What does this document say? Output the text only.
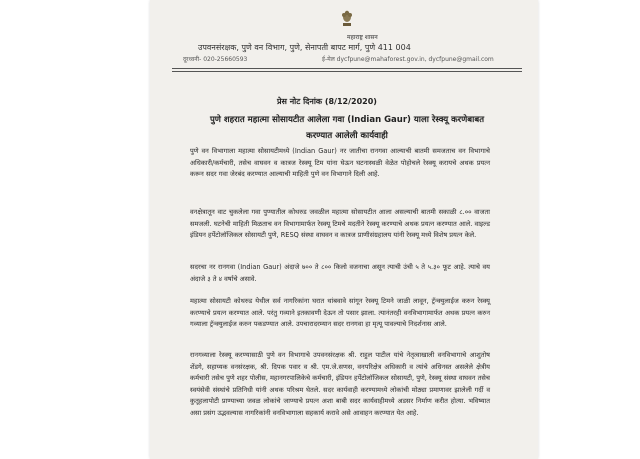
महाराष्ट्र शासन
उपवनसंरक्षक, पुणे वन विभाग, पुणे, सेनापती बापट मार्ग, पुणे 411 004
दूरध्वनी- 020-25660593	ई-मेल dycfpune@mahaforest.gov.in, dycfpune@gmail.com
प्रेस नोट दिनांक (8/12/2020)
पुणे शहरात महात्मा सोसायटीत आलेला गवा (Indian Gaur) याला रेस्क्यू करणेबाबत
करण्यात आलेली कार्यवाही

पुणे वन विभागाला महात्मा सोसायटीमध्ये (Indian Gaur) नर जातीचा रानगवा आल्याची बातमी समजताच वन विभागाचे अधिकारी/कर्मचारी, तसेच वाघवन व कात्रज रेस्क्यू टिम यांना घेऊन घटनास्थळी वेळेत पोहोचले रेस्क्यू करायचे अथक प्रयत्न करून सदर गवा जेरबंद करण्यात आल्याची माहिती पुणे वन विभागाने दिली आहे.

वनक्षेत्रातून वाट चुकलेला गवा पुण्यातील कोथरुड जवळील महात्मा सोसायटीत आला असल्याची बातमी सकाळी ८.०० वाजता समजली. घटनेची माहिती मिळताच वन विभागामार्फत रेस्क्यू टिमचे मदतीने रेस्क्यू करण्याचे अथक प्रयत्न करण्यात आले. वाइल्ड इंडियन हर्पेटोलॉजिकल सोसायटी पुणे, RESQ संस्था वाघवन व कात्रज प्राणीसंग्रहालय यांनी रेस्क्यू मध्ये विशेष प्रयत्न केले.

सदरचा नर रानगवा (Indian Gaur) अंदाजे ७०० ते ८०० किलो वजनाचा असून त्याची उंची ५ ते ५.३० फूट आहे. त्याचे वय अंदाजे ३ ते ४ वर्षाचे असावे.

महात्मा सोसायटी कोथरुड येथील सर्व नागरिकांना घरात थांबवावे सांगून रेस्क्यू टिमने जाळी लावून, ट्रॅन्क्युलाईज करुन रेस्क्यू करण्याचे प्रयत्न करण्यात आले. परंतु गव्याने इतकावणी देऊन तो पसार झाला. त्यानंतरही वनविभागामार्फत अथक प्रयत्न करुन गव्याला ट्रॅन्क्युलाईज करुन पकडण्यात आले. उपचारादरम्यान सदर रानगवा हा मृत्यू पावल्याचे निदर्शनास आले.

रानगव्याला रेस्क्यू करण्यासाठी पुणे वन विभागाचे उपवनसंरक्षक श्री. राहुल पाटील यांचे नेतृत्वाखाली वनविभागाचे आशुतोष शेंडगे, सहाय्यक वनसंरक्षक, श्री. दिपक पवार व श्री. एम.जे.सणस, वनपरिक्षेत्र अधिकारी व त्यांचे अधिनस्त असलेले क्षेत्रीय कर्मचारी तसेच पुणे शहर पोलीस, महानगरपालिकेचे कर्मचारी, इंडियन हर्पेटोलॉजिकल सोसायटी, पुणे, रेस्क्यू संस्था वाघवन तसेच स्वयंसेवी संस्थांचे प्रतिनिधी यांनी अथक परिश्रम घेतले. सदर कार्यवाही करण्यामध्ये लोकांची मोठ्या प्रमाणावर झालेली गर्दी व कुतूहलापोटी प्राण्याच्या जवळ लोकांचे जाण्याचे प्रयत्न अशा बाबी सदर कार्यवाहीमध्ये अडसर निर्माण करीत होत्या. भविष्यात असा प्रसंग उद्भवल्यास नागरिकांनी वनविभागाला सहकार्य करावे असे आवाहन करण्यात येत आहे.
